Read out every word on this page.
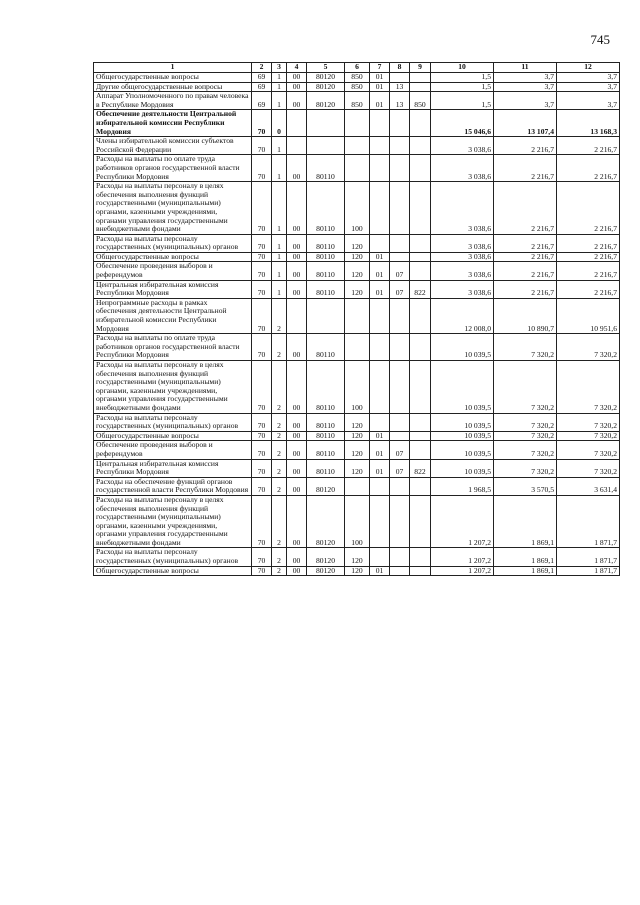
745
1	2	3	4	5	6	7	8	9	10	11	12
Общегосударственные вопросы	69	1	00	80120	850	01			1,5	3,7	3,7
Другие общегосударственные вопросы	69	1	00	80120	850	01	13		1,5	3,7	3,7
Аппарат Уполномоченного по правам человека в Республике Мордовия	69	1	00	80120	850	01	13	850	1,5	3,7	3,7
Обеспечение деятельности Центральной избирательной комиссии Республики Мордовия	70	0							15 046,6	13 107,4	13 168,3
Члены избирательной комиссии субъектов Российской Федерации	70	1							3 038,6	2 216,7	2 216,7
Расходы на выплаты по оплате труда работников органов государственной власти Республики Мордовия	70	1	00	80110					3 038,6	2 216,7	2 216,7
Расходы на выплаты персоналу в целях обеспечения выполнения функций государственными (муниципальными) органами, казенными учреждениями, органами управления государственными внебюджетными фондами	70	1	00	80110	100				3 038,6	2 216,7	2 216,7
Расходы на выплаты персоналу государственных (муниципальных) органов	70	1	00	80110	120				3 038,6	2 216,7	2 216,7
Общегосударственные вопросы	70	1	00	80110	120	01			3 038,6	2 216,7	2 216,7
Обеспечение проведения выборов и референдумов	70	1	00	80110	120	01	07		3 038,6	2 216,7	2 216,7
Центральная избирательная комиссия Республики Мордовия	70	1	00	80110	120	01	07	822	3 038,6	2 216,7	2 216,7
Непрограммные расходы в рамках обеспечения деятельности Центральной избирательной комиссии Республики Мордовия	70	2							12 008,0	10 890,7	10 951,6
Расходы на выплаты по оплате труда работников органов государственной власти Республики Мордовия	70	2	00	80110					10 039,5	7 320,2	7 320,2
Расходы на выплаты персоналу в целях обеспечения выполнения функций государственными (муниципальными) органами, казенными учреждениями, органами управления государственными внебюджетными фондами	70	2	00	80110	100				10 039,5	7 320,2	7 320,2
Расходы на выплаты персоналу государственных (муниципальных) органов	70	2	00	80110	120				10 039,5	7 320,2	7 320,2
Общегосударственные вопросы	70	2	00	80110	120	01			10 039,5	7 320,2	7 320,2
Обеспечение проведения выборов и референдумов	70	2	00	80110	120	01	07		10 039,5	7 320,2	7 320,2
Центральная избирательная комиссия Республики Мордовия	70	2	00	80110	120	01	07	822	10 039,5	7 320,2	7 320,2
Расходы на обеспечение функций органов государственной власти Республики Мордовия	70	2	00	80120					1 968,5	3 570,5	3 631,4
Расходы на выплаты персоналу в целях обеспечения выполнения функций государственными (муниципальными) органами, казенными учреждениями, органами управления государственными внебюджетными фондами	70	2	00	80120	100				1 207,2	1 869,1	1 871,7
Расходы на выплаты персоналу государственных (муниципальных) органов	70	2	00	80120	120				1 207,2	1 869,1	1 871,7
Общегосударственные вопросы	70	2	00	80120	120	01			1 207,2	1 869,1	1 871,7
